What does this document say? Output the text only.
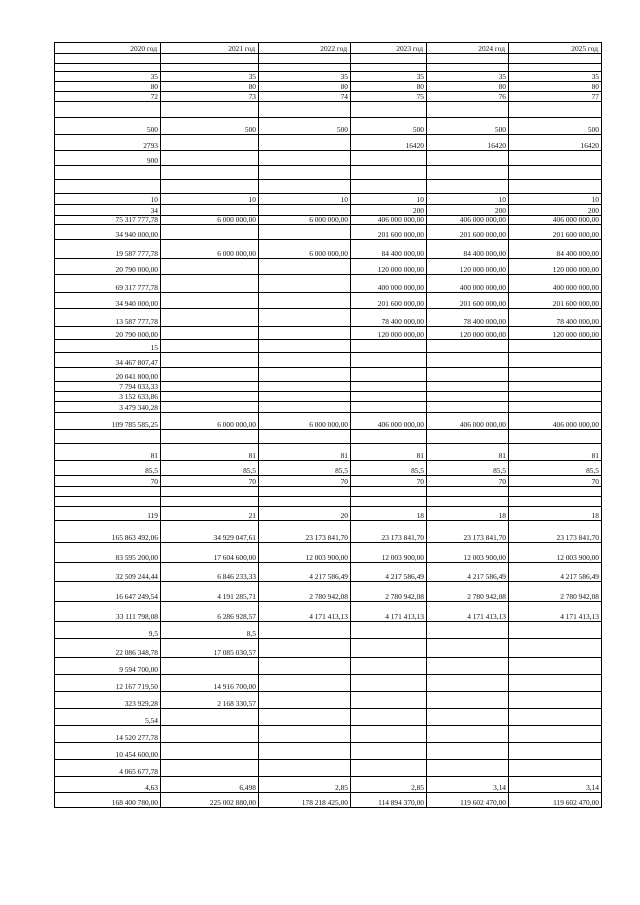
2020 год	2021 год	2022 год	2023 год	2024 год	2025 год

35	35	35	35	35	35
80	80	80	80	80	80
72	73	74	75	76	77

500	500	500	500	500	500
2793			16420	16420	16420
900					

10	10	10	10	10	10
34			200	200	200
75 317 777,78	6 000 000,00	6 000 000,00	406 000 000,00	406 000 000,00	406 000 000,00
34 940 000,00			201 600 000,00	201 600 000,00	201 600 000,00
19 587 777,78	6 000 000,00	6 000 000,00	84 400 000,00	84 400 000,00	84 400 000,00
20 790 000,00			120 000 000,00	120 000 000,00	120 000 000,00
69 317 777,78			400 000 000,00	400 000 000,00	400 000 000,00
34 940 000,00			201 600 000,00	201 600 000,00	201 600 000,00
13 587 777,78			78 400 000,00	78 400 000,00	78 400 000,00
20 790 000,00			120 000 000,00	120 000 000,00	120 000 000,00
15					
34 467 807,47					
20 041 800,00					
7 794 033,33					
3 152 633,86					
3 479 340,28					
109 785 585,25	6 000 000,00	6 000 000,00	406 000 000,00	406 000 000,00	406 000 000,00

81	81	81	81	81	81
85,5	85,5	85,5	85,5	85,5	85,5
70	70	70	70	70	70

119	21	20	18	18	18
165 863 492,06	34 929 047,61	23 173 841,70	23 173 841,70	23 173 841,70	23 173 841,70
83 595 200,00	17 604 600,00	12 003 900,00	12 003 900,00	12 003 900,00	12 003 900,00
32 509 244,44	6 846 233,33	4 217 586,49	4 217 586,49	4 217 586,49	4 217 586,49
16 647 249,54	4 191 285,71	2 780 942,08	2 780 942,08	2 780 942,08	2 780 942,08
33 111 798,08	6 286 928,57	4 171 413,13	4 171 413,13	4 171 413,13	4 171 413,13
9,5	8,5				
22 086 348,78	17 085 030,57				
9 594 700,00					
12 167 719,50	14 916 700,00				
323 929,28	2 168 330,57				
5,54					
14 520 277,78					
10 454 600,00					
4 065 677,78					
4,63	6,498	2,85	2,85	3,14	3,14
168 400 780,00	225 002 880,00	178 218 425,00	114 894 370,00	119 602 470,00	119 602 470,00
